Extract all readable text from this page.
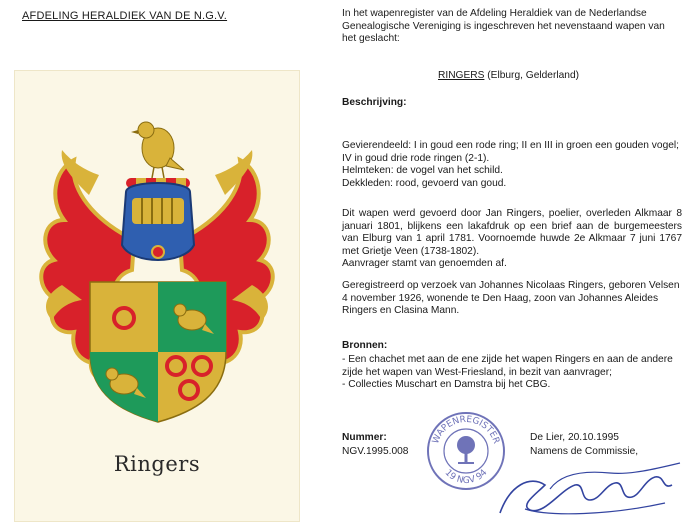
AFDELING HERALDIEK VAN DE N.G.V.
Ringers

In het wapenregister van de Afdeling Heraldiek van de Nederlandse Genealogische Vereniging is ingeschreven het nevenstaand wapen van het geslacht:

RINGERS (Elburg, Gelderland)
Beschrijving:
Gevierendeeld: I in goud een rode ring; II en III in groen een gouden vogel; IV in goud drie rode ringen (2-1).
Helmteken: de vogel van het schild.
Dekkleden: rood, gevoerd van goud.
Dit wapen werd gevoerd door Jan Ringers, poelier, overleden Alkmaar 8 januari 1801, blijkens een lakafdruk op een brief aan de burgemeesters van Elburg van 1 april 1781. Voornoemde huwde 2e Alkmaar 7 juni 1767 met Grietje Veen (1738-1802).
Aanvrager stamt van genoemden af.
Geregistreerd op verzoek van Johannes Nicolaas Ringers, geboren Velsen 4 november 1926, wonende te Den Haag, zoon van Johannes Aleides Ringers en Clasina Mann.
Bronnen:
- Een chachet met aan de ene zijde het wapen Ringers en aan de andere zijde het wapen van West-Friesland, in bezit van aanvrager;
- Collecties Muschart en Damstra bij het CBG.
Nummer:
NGV.1995.008
De Lier, 20.10.1995
Namens de Commissie,
WAPENREGISTER
19 NGV 94
